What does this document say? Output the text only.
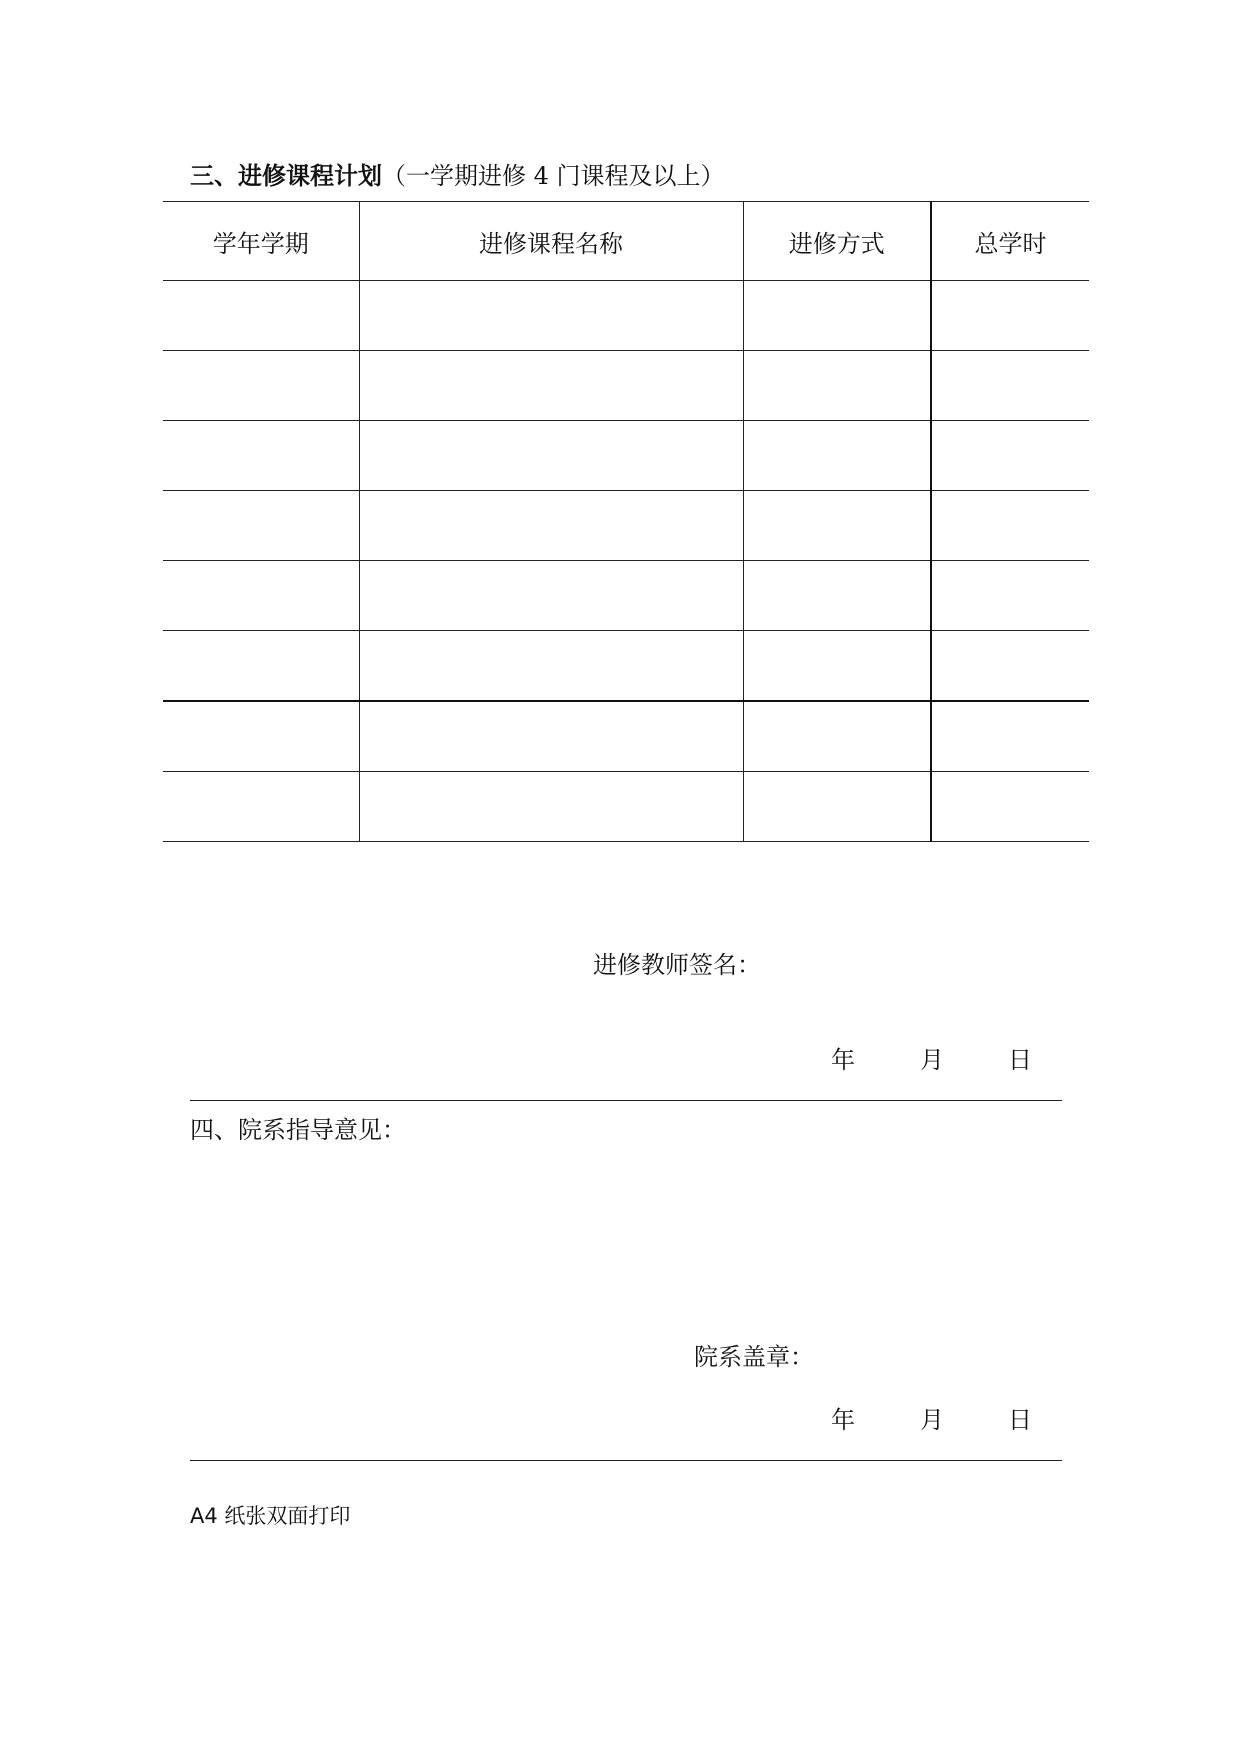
三、进修课程计划（一学期进修 4 门课程及以上）
学年学期	进修课程名称	进修方式	总学时

进修教师签名：
年	月	日
四、院系指导意见：
院系盖章：
年	月	日
A4 纸张双面打印
